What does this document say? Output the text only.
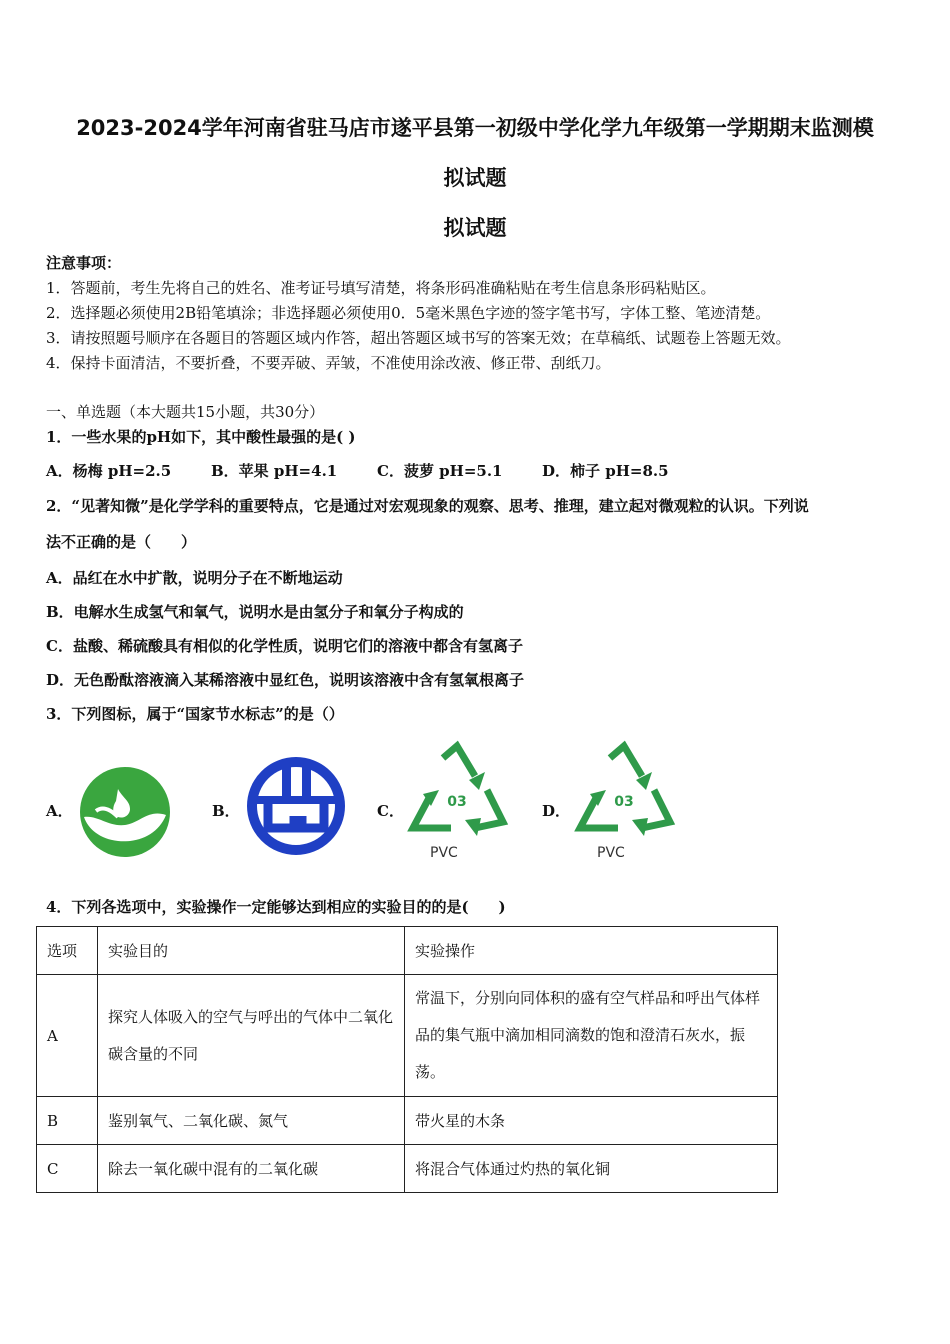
2023-2024学年河南省驻马店市遂平县第一初级中学化学九年级第一学期期末监测模
拟试题
拟试题
注意事项：
1．答题前，考生先将自己的姓名、准考证号填写清楚，将条形码准确粘贴在考生信息条形码粘贴区。
2．选择题必须使用2B铅笔填涂；非选择题必须使用0．5毫米黑色字迹的签字笔书写，字体工整、笔迹清楚。
3．请按照题号顺序在各题目的答题区域内作答，超出答题区域书写的答案无效；在草稿纸、试题卷上答题无效。
4．保持卡面清洁，不要折叠，不要弄破、弄皱，不准使用涂改液、修正带、刮纸刀。
一、单选题（本大题共15小题，共30分）
1．一些水果的pH如下，其中酸性最强的是( )
A．杨梅 pH=2.5	B．苹果 pH=4.1	C．菠萝 pH=5.1	D．柿子 pH=8.5
2．“见著知微”是化学学科的重要特点，它是通过对宏观现象的观察、思考、推理，建立起对微观粒的认识。下列说
法不正确的是（　　）
A．品红在水中扩散，说明分子在不断地运动
B．电解水生成氢气和氧气，说明水是由氢分子和氧分子构成的
C．盐酸、稀硫酸具有相似的化学性质，说明它们的溶液中都含有氢离子
D．无色酚酞溶液滴入某稀溶液中显红色，说明该溶液中含有氢氧根离子
3．下列图标，属于“国家节水标志”的是（）
A．	B．	C．	03
PVC
D．	03
PVC
4．下列各选项中，实验操作一定能够达到相应的实验目的的是(　　)
选项	实验目的	实验操作
A	探究人体吸入的空气与呼出的气体中二氧化碳含量的不同	常温下，分别向同体积的盛有空气样品和呼出气体样品的集气瓶中滴加相同滴数的饱和澄清石灰水，振荡。
B	鉴别氧气、二氧化碳、氮气	带火星的木条
C	除去一氧化碳中混有的二氧化碳	将混合气体通过灼热的氧化铜
